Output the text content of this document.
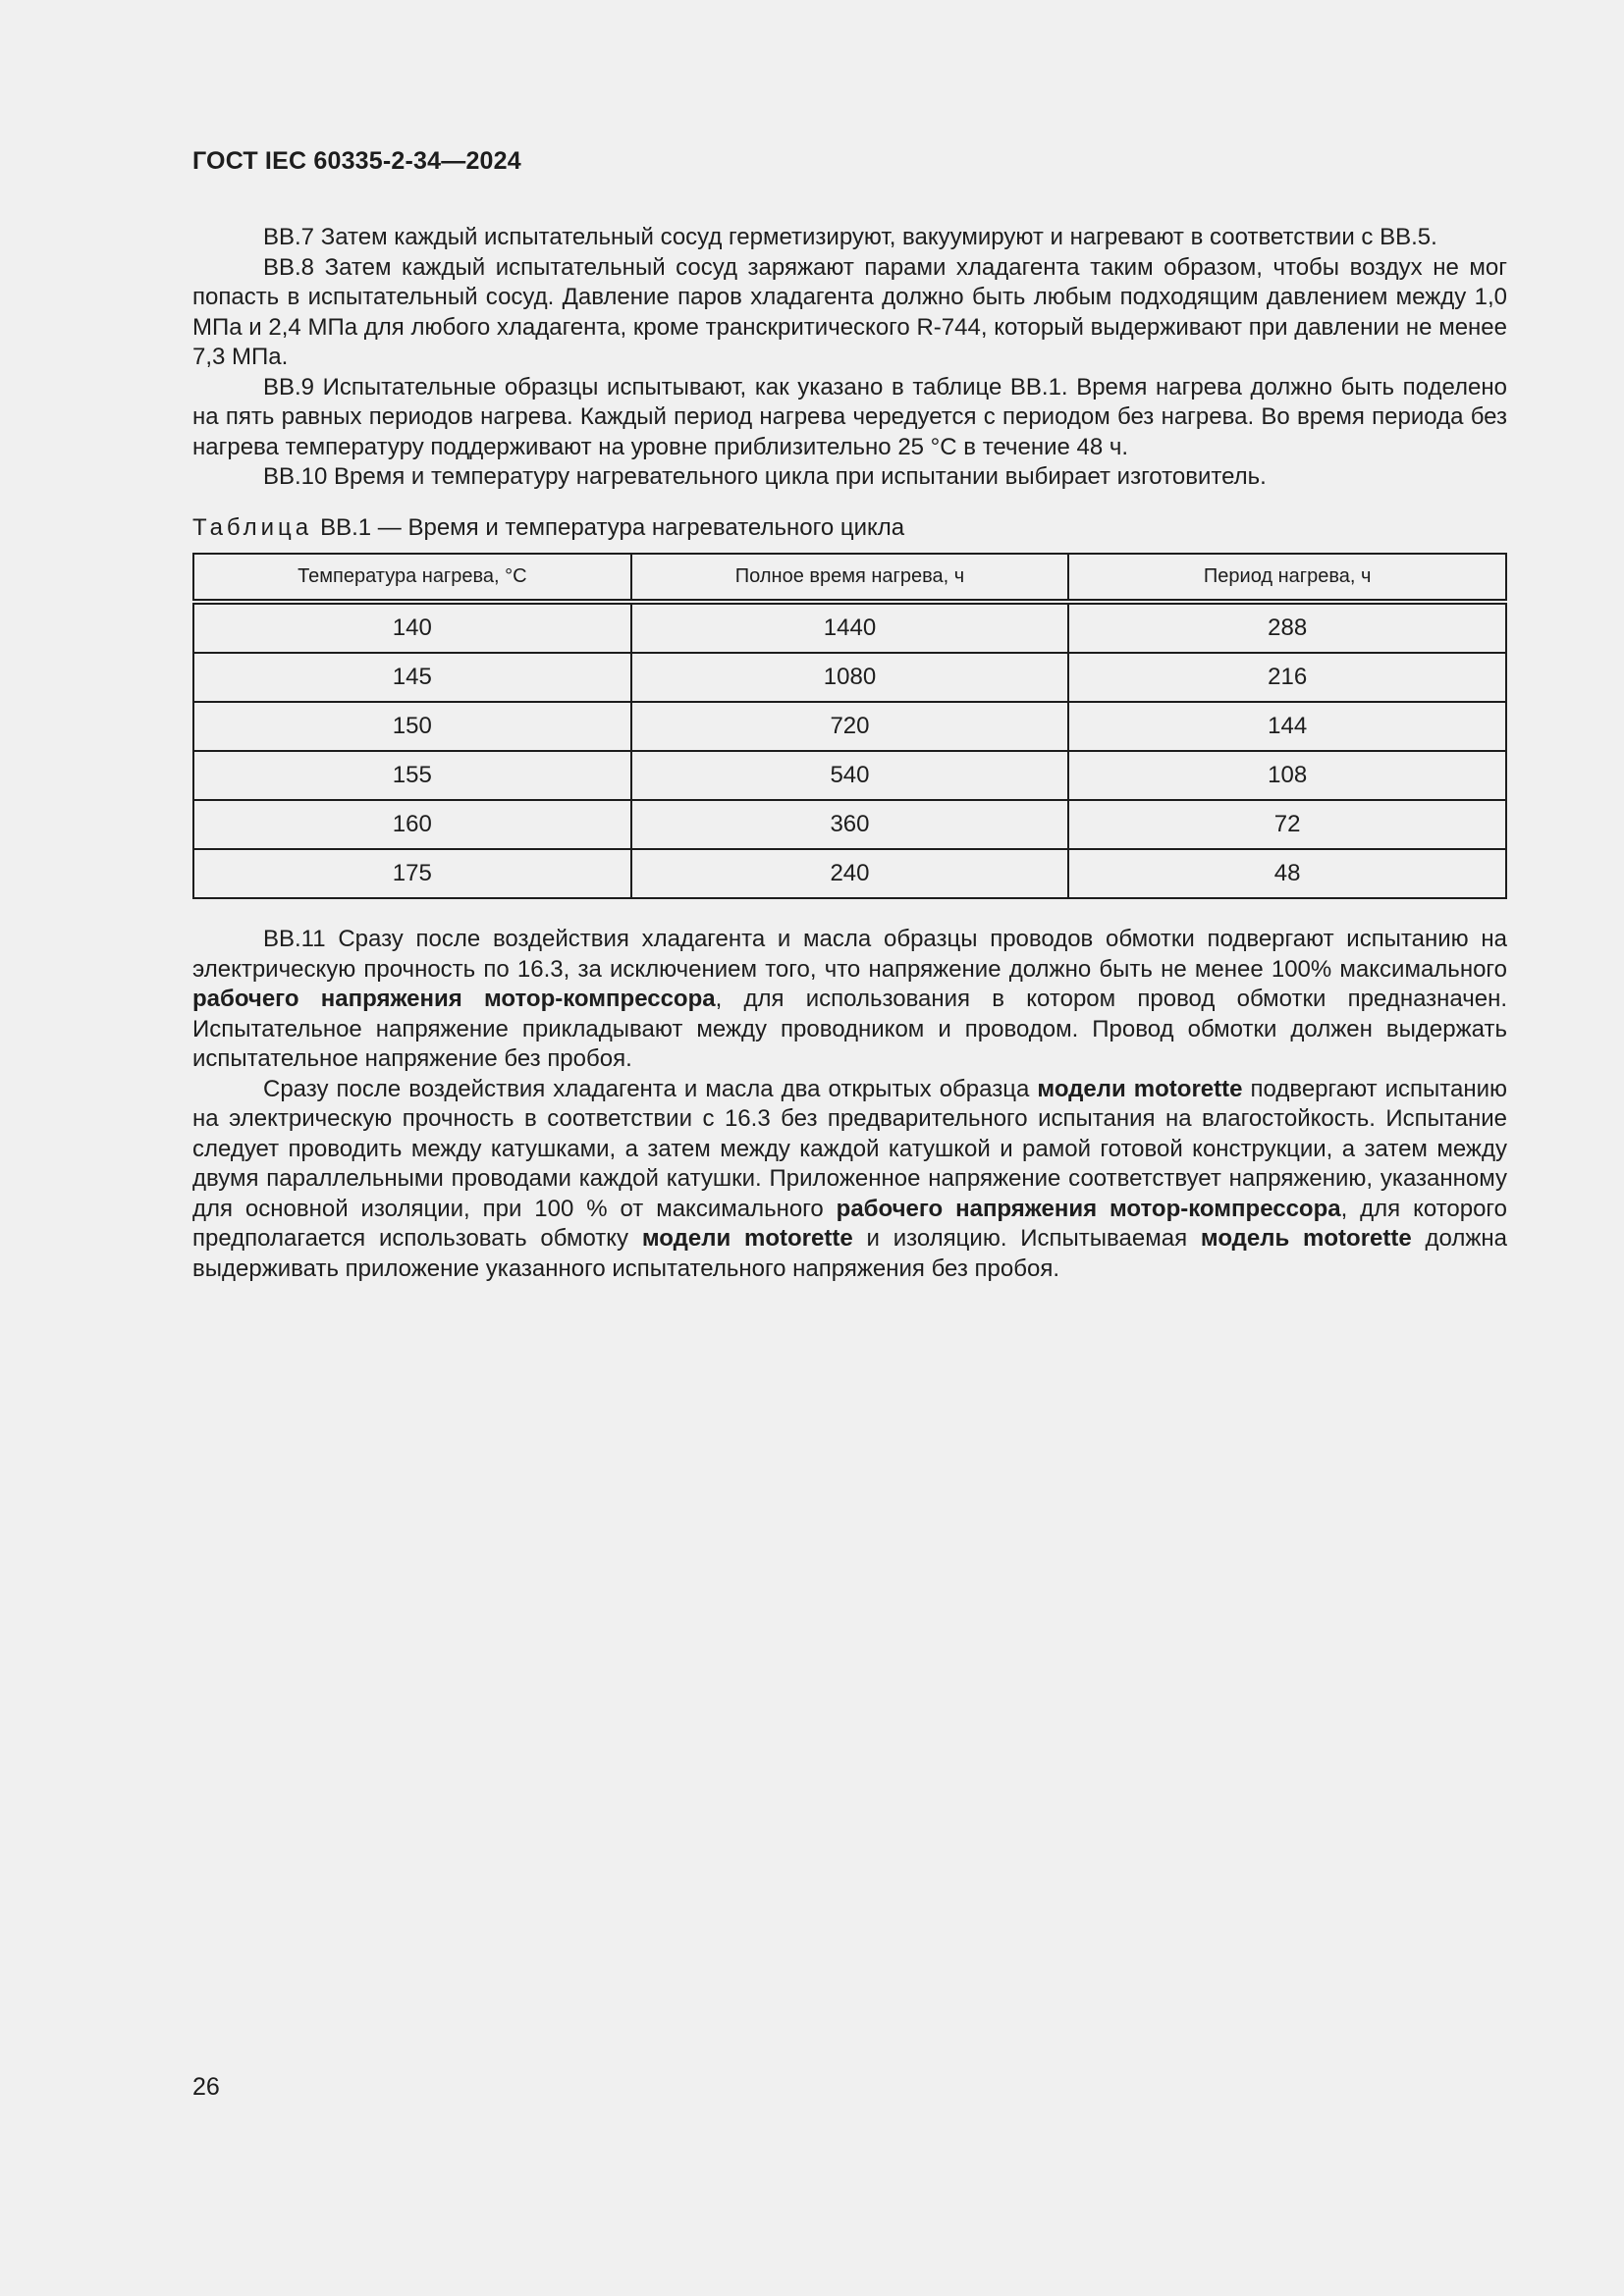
ГОСТ IEC 60335-2-34—2024

BB.7 Затем каждый испытательный сосуд герметизируют, вакуумируют и нагревают в соответствии с BB.5.

BB.8 Затем каждый испытательный сосуд заряжают парами хладагента таким образом, чтобы воздух не мог попасть в испытательный сосуд. Давление паров хладагента должно быть любым подходящим давлением между 1,0 МПа и 2,4 МПа для любого хладагента, кроме транскритического R-744, который выдерживают при давлении не менее 7,3 МПа.

BB.9 Испытательные образцы испытывают, как указано в таблице BB.1. Время нагрева должно быть поделено на пять равных периодов нагрева. Каждый период нагрева чередуется с периодом без нагрева. Во время периода без нагрева температуру поддерживают на уровне приблизительно 25 °C в течение 48 ч.

BB.10 Время и температуру нагревательного цикла при испытании выбирает изготовитель.

Таблица BB.1 — Время и температура нагревательного цикла
Температура нагрева, °C	Полное время нагрева, ч	Период нагрева, ч
140	1440	288
145	1080	216
150	720	144
155	540	108
160	360	72
175	240	48

BB.11 Сразу после воздействия хладагента и масла образцы проводов обмотки подвергают испытанию на электрическую прочность по 16.3, за исключением того, что напряжение должно быть не менее 100% максимального рабочего напряжения мотор-компрессора, для использования в котором провод обмотки предназначен. Испытательное напряжение прикладывают между проводником и проводом. Провод обмотки должен выдержать испытательное напряжение без пробоя.

Сразу после воздействия хладагента и масла два открытых образца модели motorette подвергают испытанию на электрическую прочность в соответствии с 16.3 без предварительного испытания на влагостойкость. Испытание следует проводить между катушками, а затем между каждой катушкой и рамой готовой конструкции, а затем между двумя параллельными проводами каждой катушки. Приложенное напряжение соответствует напряжению, указанному для основной изоляции, при 100 % от максимального рабочего напряжения мотор-компрессора, для которого предполагается использовать обмотку модели motorette и изоляцию. Испытываемая модель motorette должна выдерживать приложение указанного испытательного напряжения без пробоя.

26
